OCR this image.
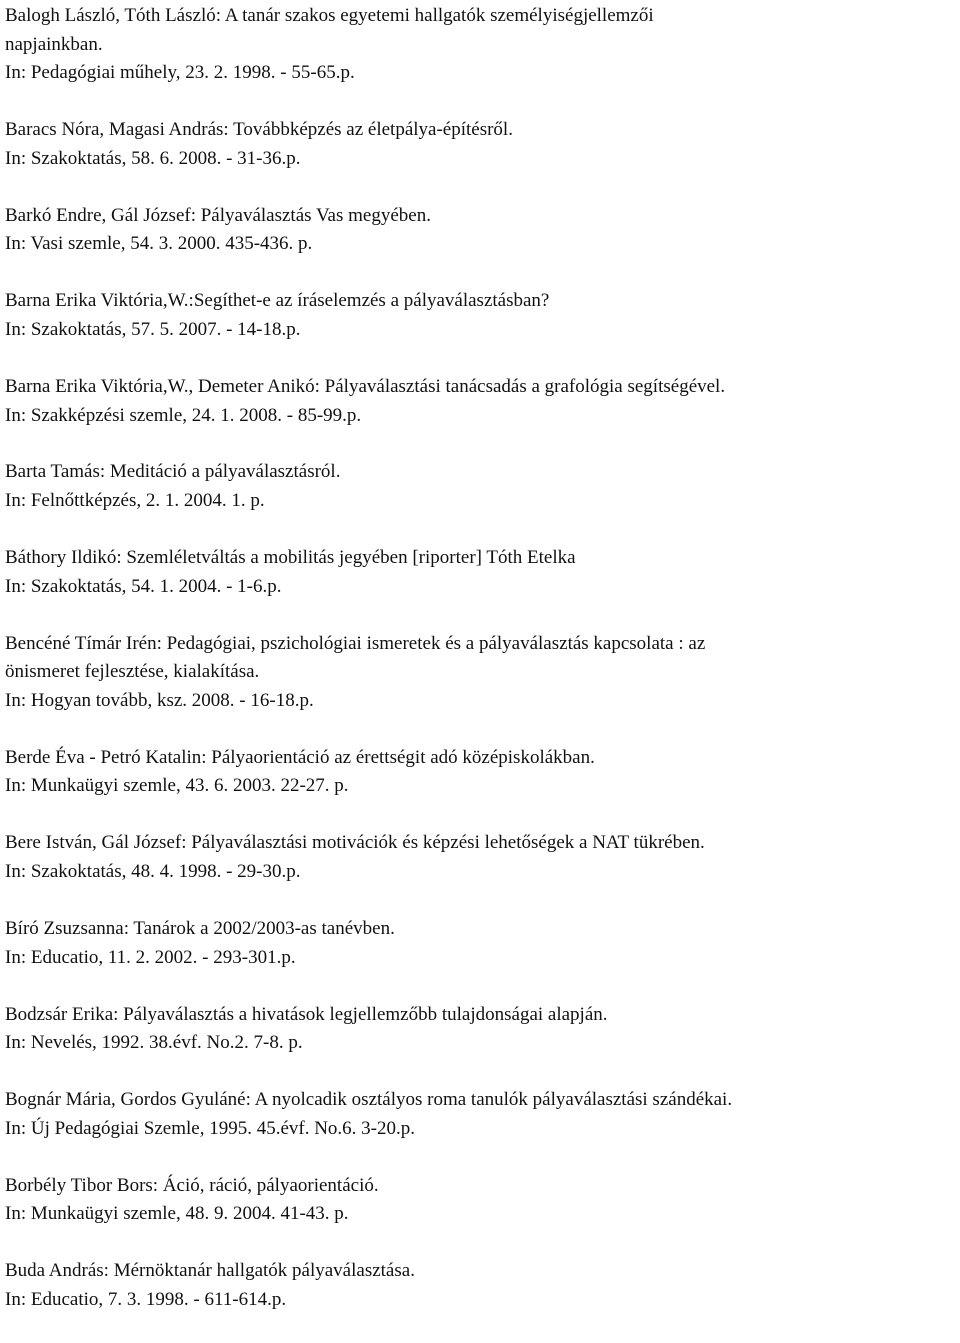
Balogh László, Tóth László: A tanár szakos egyetemi hallgatók személyiségjellemzői
napjainkban.
In: Pedagógiai műhely, 23. 2. 1998. - 55-65.p.
Baracs Nóra, Magasi András: Továbbképzés az életpálya-építésről.
In: Szakoktatás, 58. 6. 2008. - 31-36.p.
Barkó Endre, Gál József: Pályaválasztás Vas megyében.
In: Vasi szemle, 54. 3. 2000. 435-436. p.
Barna Erika Viktória,W.:Segíthet-e az íráselemzés a pályaválasztásban?
In: Szakoktatás, 57. 5. 2007. - 14-18.p.
Barna Erika Viktória,W., Demeter Anikó: Pályaválasztási tanácsadás a grafológia segítségével.
In: Szakképzési szemle, 24. 1. 2008. - 85-99.p.
Barta Tamás: Meditáció a pályaválasztásról.
In: Felnőttképzés, 2. 1. 2004. 1. p.
Báthory Ildikó: Szemléletváltás a mobilitás jegyében [riporter] Tóth Etelka
In: Szakoktatás, 54. 1. 2004. - 1-6.p.
Bencéné Tímár Irén: Pedagógiai, pszichológiai ismeretek és a pályaválasztás kapcsolata : az
önismeret fejlesztése, kialakítása.
In: Hogyan tovább, ksz. 2008. - 16-18.p.
Berde Éva - Petró Katalin: Pályaorientáció az érettségit adó középiskolákban.
In: Munkaügyi szemle, 43. 6. 2003. 22-27. p.
Bere István, Gál József: Pályaválasztási motivációk és képzési lehetőségek a NAT tükrében.
In: Szakoktatás, 48. 4. 1998. - 29-30.p.
Bíró Zsuzsanna: Tanárok a 2002/2003-as tanévben.
In: Educatio, 11. 2. 2002. - 293-301.p.
Bodzsár Erika: Pályaválasztás a hivatások legjellemzőbb tulajdonságai alapján.
In: Nevelés, 1992. 38.évf. No.2. 7-8. p.
Bognár Mária, Gordos Gyuláné: A nyolcadik osztályos roma tanulók pályaválasztási szándékai.
In: Új Pedagógiai Szemle, 1995. 45.évf. No.6. 3-20.p.
Borbély Tibor Bors: Áció, ráció, pályaorientáció.
In: Munkaügyi szemle, 48. 9. 2004. 41-43. p.
Buda András: Mérnöktanár hallgatók pályaválasztása.
In: Educatio, 7. 3. 1998. - 611-614.p.
